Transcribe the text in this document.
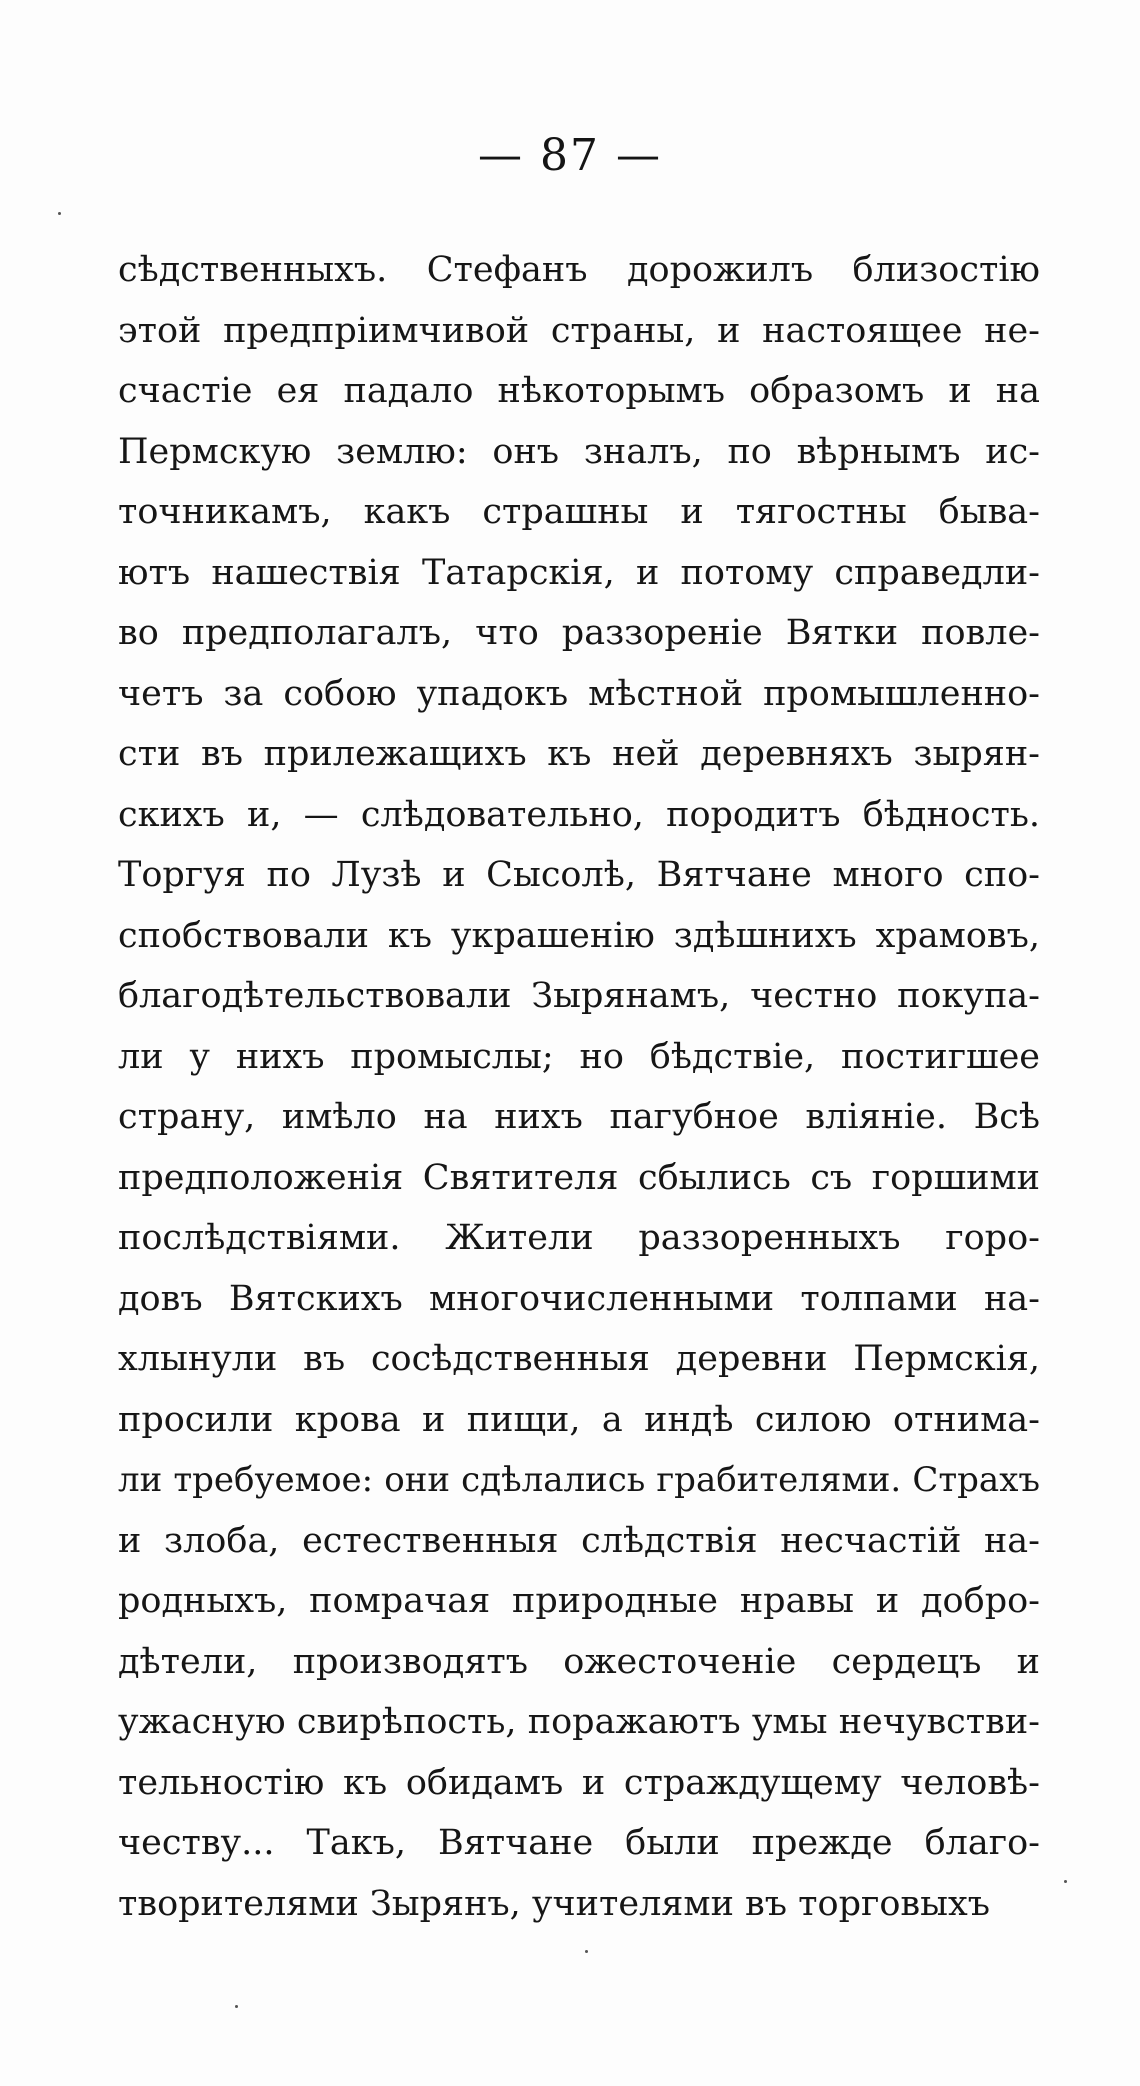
— 87 —
сѣдственныхъ. Стефанъ дорожилъ близостію
этой предпріимчивой страны, и настоящее не-
счастіе ея падало нѣкоторымъ образомъ и на
Пермскую землю: онъ зналъ, по вѣрнымъ ис-
точникамъ, какъ страшны и тягостны быва-
ютъ нашествія Татарскія, и потому справедли-
во предполагалъ, что раззореніе Вятки повле-
четъ за собою упадокъ мѣстной промышленно-
сти въ прилежащихъ къ ней деревняхъ зырян-
скихъ и, — слѣдовательно, породитъ бѣдность.
Торгуя по Лузѣ и Сысолѣ, Вятчане много спо-
спобствовали къ украшенію здѣшнихъ храмовъ,
благодѣтельствовали Зырянамъ, честно покупа-
ли у нихъ промыслы; но бѣдствіе, постигшее
страну, имѣло на нихъ пагубное вліяніе. Всѣ
предположенія Святителя сбылись съ горшими
послѣдствіями. Жители раззоренныхъ горо-
довъ Вятскихъ многочисленными толпами на-
хлынули въ сосѣдственныя деревни Пермскія,
просили крова и пищи, а индѣ силою отнима-
ли требуемое: они сдѣлались грабителями. Страхъ
и злоба, естественныя слѣдствія несчастій на-
родныхъ, помрачая природные нравы и добро-
дѣтели, производятъ ожесточеніе сердецъ и
ужасную свирѣпость, поражаютъ умы нечувстви-
тельностію къ обидамъ и страждущему человѣ-
честву... Такъ, Вятчане были прежде благо-
творителями Зырянъ, учителями въ торговыхъ
